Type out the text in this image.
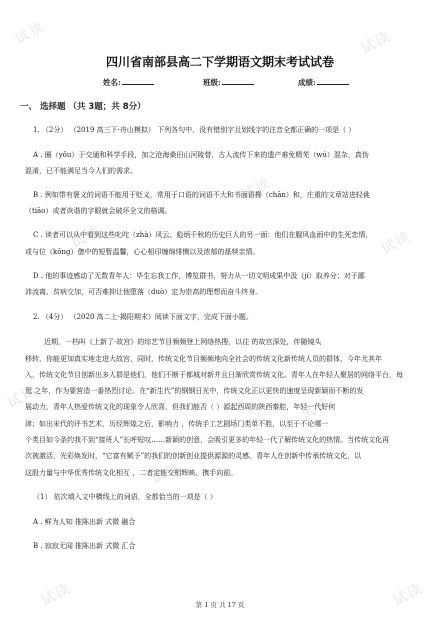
试读	试读
试读
试读	试读
试读	试读
试读
试读	试读
四川省南部县高二下学期语文期末考试试卷
姓名:	班级:	成绩:
一、 选择题 （共 3题；共 8分）
1. （2分） （2019 高三下·舟山模拟） 下列各句中，没有错别字且划线字的注音全都正确的一项是（ ）
A . 圈（yǒu）于交通和科学手段，加之沧海桑田山河陵替，古人流传下来的遗产难免精芜（wú）混杂，真伪
混淆，已不能满足当今人们的需求。
B . 例如带有褒义的词语不能用于贬义，常用于口语的词语不大和书面语搀（chān）和，庄重的文章站进轻佻
（tiāo）或者诙谐的字眼就会破坏全文的格调。
C . 读者可以从中看到这些叱咤（zhà）风云、彪炳千秋的历史巨人的另一面：他们在腥风血雨中的生死恋情，
或与位（kōng）偬中的短暂温馨，心心相印缠绵悱恻以及浓郁的舐犊亲情。
D . 他的事迹感动了无数青年人：毕生忘我工作，博览群书，努力从一切文明成果中汲（jí）取养分；对于鄙
沛流离、贫病交加，可否难抑让他堕落（duò）定为崇高的理想而奋斗终身。
2. （4分） （2020 高二上·揭阳期末）阅读下面文字，完成下面小题。
近期，一档叫《上新了·故宫》的综艺节目频频登上网络热搜，以往 的故宫深处，伴随镜头
移转，你能更加真实地走进大故宫，同时，传统文化节目频频地向全社会的传统文化新传统人员的群体，今年尤其年
入，传统文化节目创新出多人群是他们，他们不断于都城对新井且日渐欣赏传统文化。青年人在年轻人聚居的网络平台，每
逛 之年，作为要营造一番热烈讨论。在“新生代”的钢钢日光中，传统文化正以更快的速度呈现新颖而不断的发
展动力，青年人热爱传统文化的现象令人欣喜，但我们能否（ ）源起西周的陕西秦腔，年轻一代好何
津；如出宋代的评书艺术，历经辉煌之后，影响力 ，传统手工艺剧场门类单不胜，以至于不论哪一
个类目如今条约我不到“接班人”长呼短叹……新颖的创意，会吸引更多的年轻一代了解传统文化的热情。当传统文化再
次被激活，光彩焕发时，“它富有赋予”的我们的创新创业提供源源的灵感。青年人在创新中传承传统文化，以
这股力量与中华优秀传统文化相互 ，二者定能交相辉映、携手向前。
（1） 依次填入文中横线上的词语，全都恰当的一项是（ ）
A . 鲜为人知 推陈出新 式微 融合
B . 寂寂无闻 推陈出新 式微 汇合
第 1 页 共 17 页
